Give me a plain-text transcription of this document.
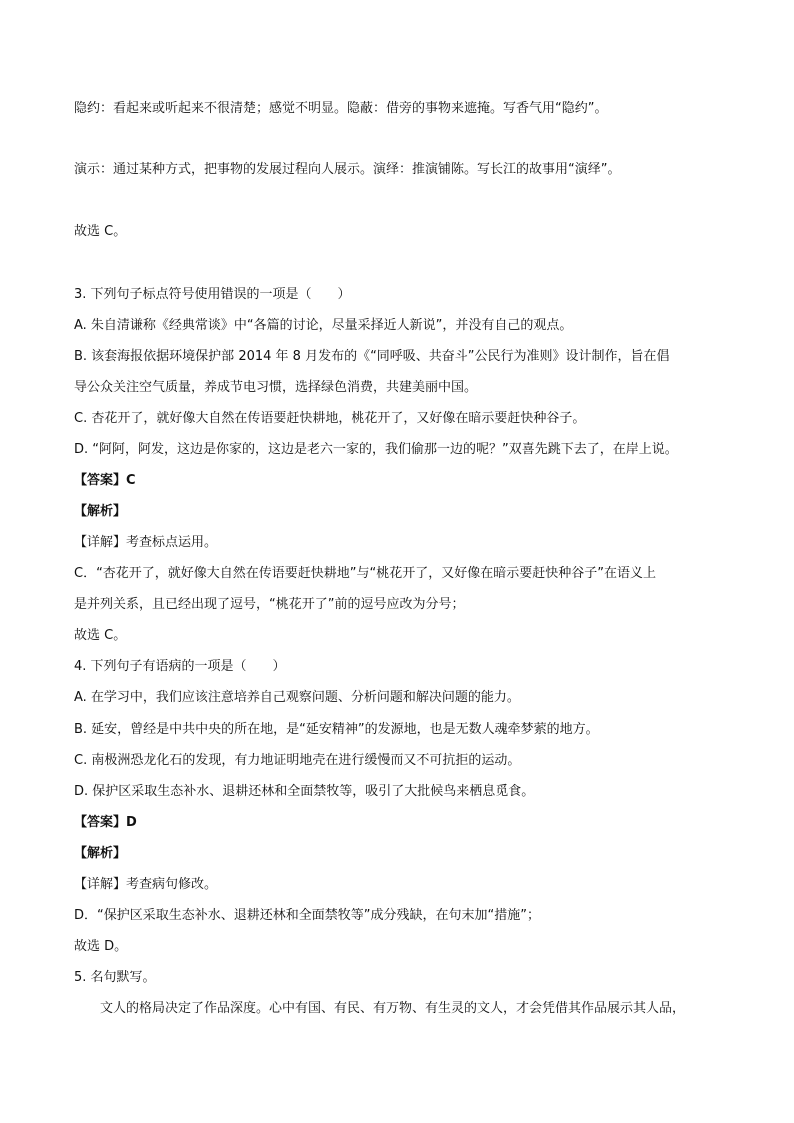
隐约：看起来或听起来不很清楚；感觉不明显。隐蔽：借旁的事物来遮掩。写香气用“隐约”。
演示：通过某种方式，把事物的发展过程向人展示。演绎：推演铺陈。写长江的故事用“演绎”。
故选 C。
3. 下列句子标点符号使用错误的一项是（　　）
A. 朱自清谦称《经典常谈》中“各篇的讨论，尽量采择近人新说”，并没有自己的观点。
B. 该套海报依据环境保护部 2014 年 8 月发布的《“同呼吸、共奋斗”公民行为准则》设计制作，旨在倡
导公众关注空气质量，养成节电习惯，选择绿色消费，共建美丽中国。
C. 杏花开了，就好像大自然在传语要赶快耕地，桃花开了，又好像在暗示要赶快种谷子。
D. “阿阿，阿发，这边是你家的，这边是老六一家的，我们偷那一边的呢？”双喜先跳下去了，在岸上说。
【答案】C
【解析】
【详解】考查标点运用。
C．“杏花开了，就好像大自然在传语要赶快耕地”与“桃花开了，又好像在暗示要赶快种谷子”在语义上
是并列关系，且已经出现了逗号，“桃花开了”前的逗号应改为分号；
故选 C。
4. 下列句子有语病的一项是（　　）
A. 在学习中，我们应该注意培养自己观察问题、分析问题和解决问题的能力。
B. 延安，曾经是中共中央的所在地，是“延安精神”的发源地，也是无数人魂牵梦萦的地方。
C. 南极洲恐龙化石的发现，有力地证明地壳在进行缓慢而又不可抗拒的运动。
D. 保护区采取生态补水、退耕还林和全面禁牧等，吸引了大批候鸟来栖息觅食。
【答案】D
【解析】
【详解】考查病句修改。
D．“保护区采取生态补水、退耕还林和全面禁牧等”成分残缺，在句末加“措施”；
故选 D。
5. 名句默写。
文人的格局决定了作品深度。心中有国、有民、有万物、有生灵的文人，才会凭借其作品展示其人品，
